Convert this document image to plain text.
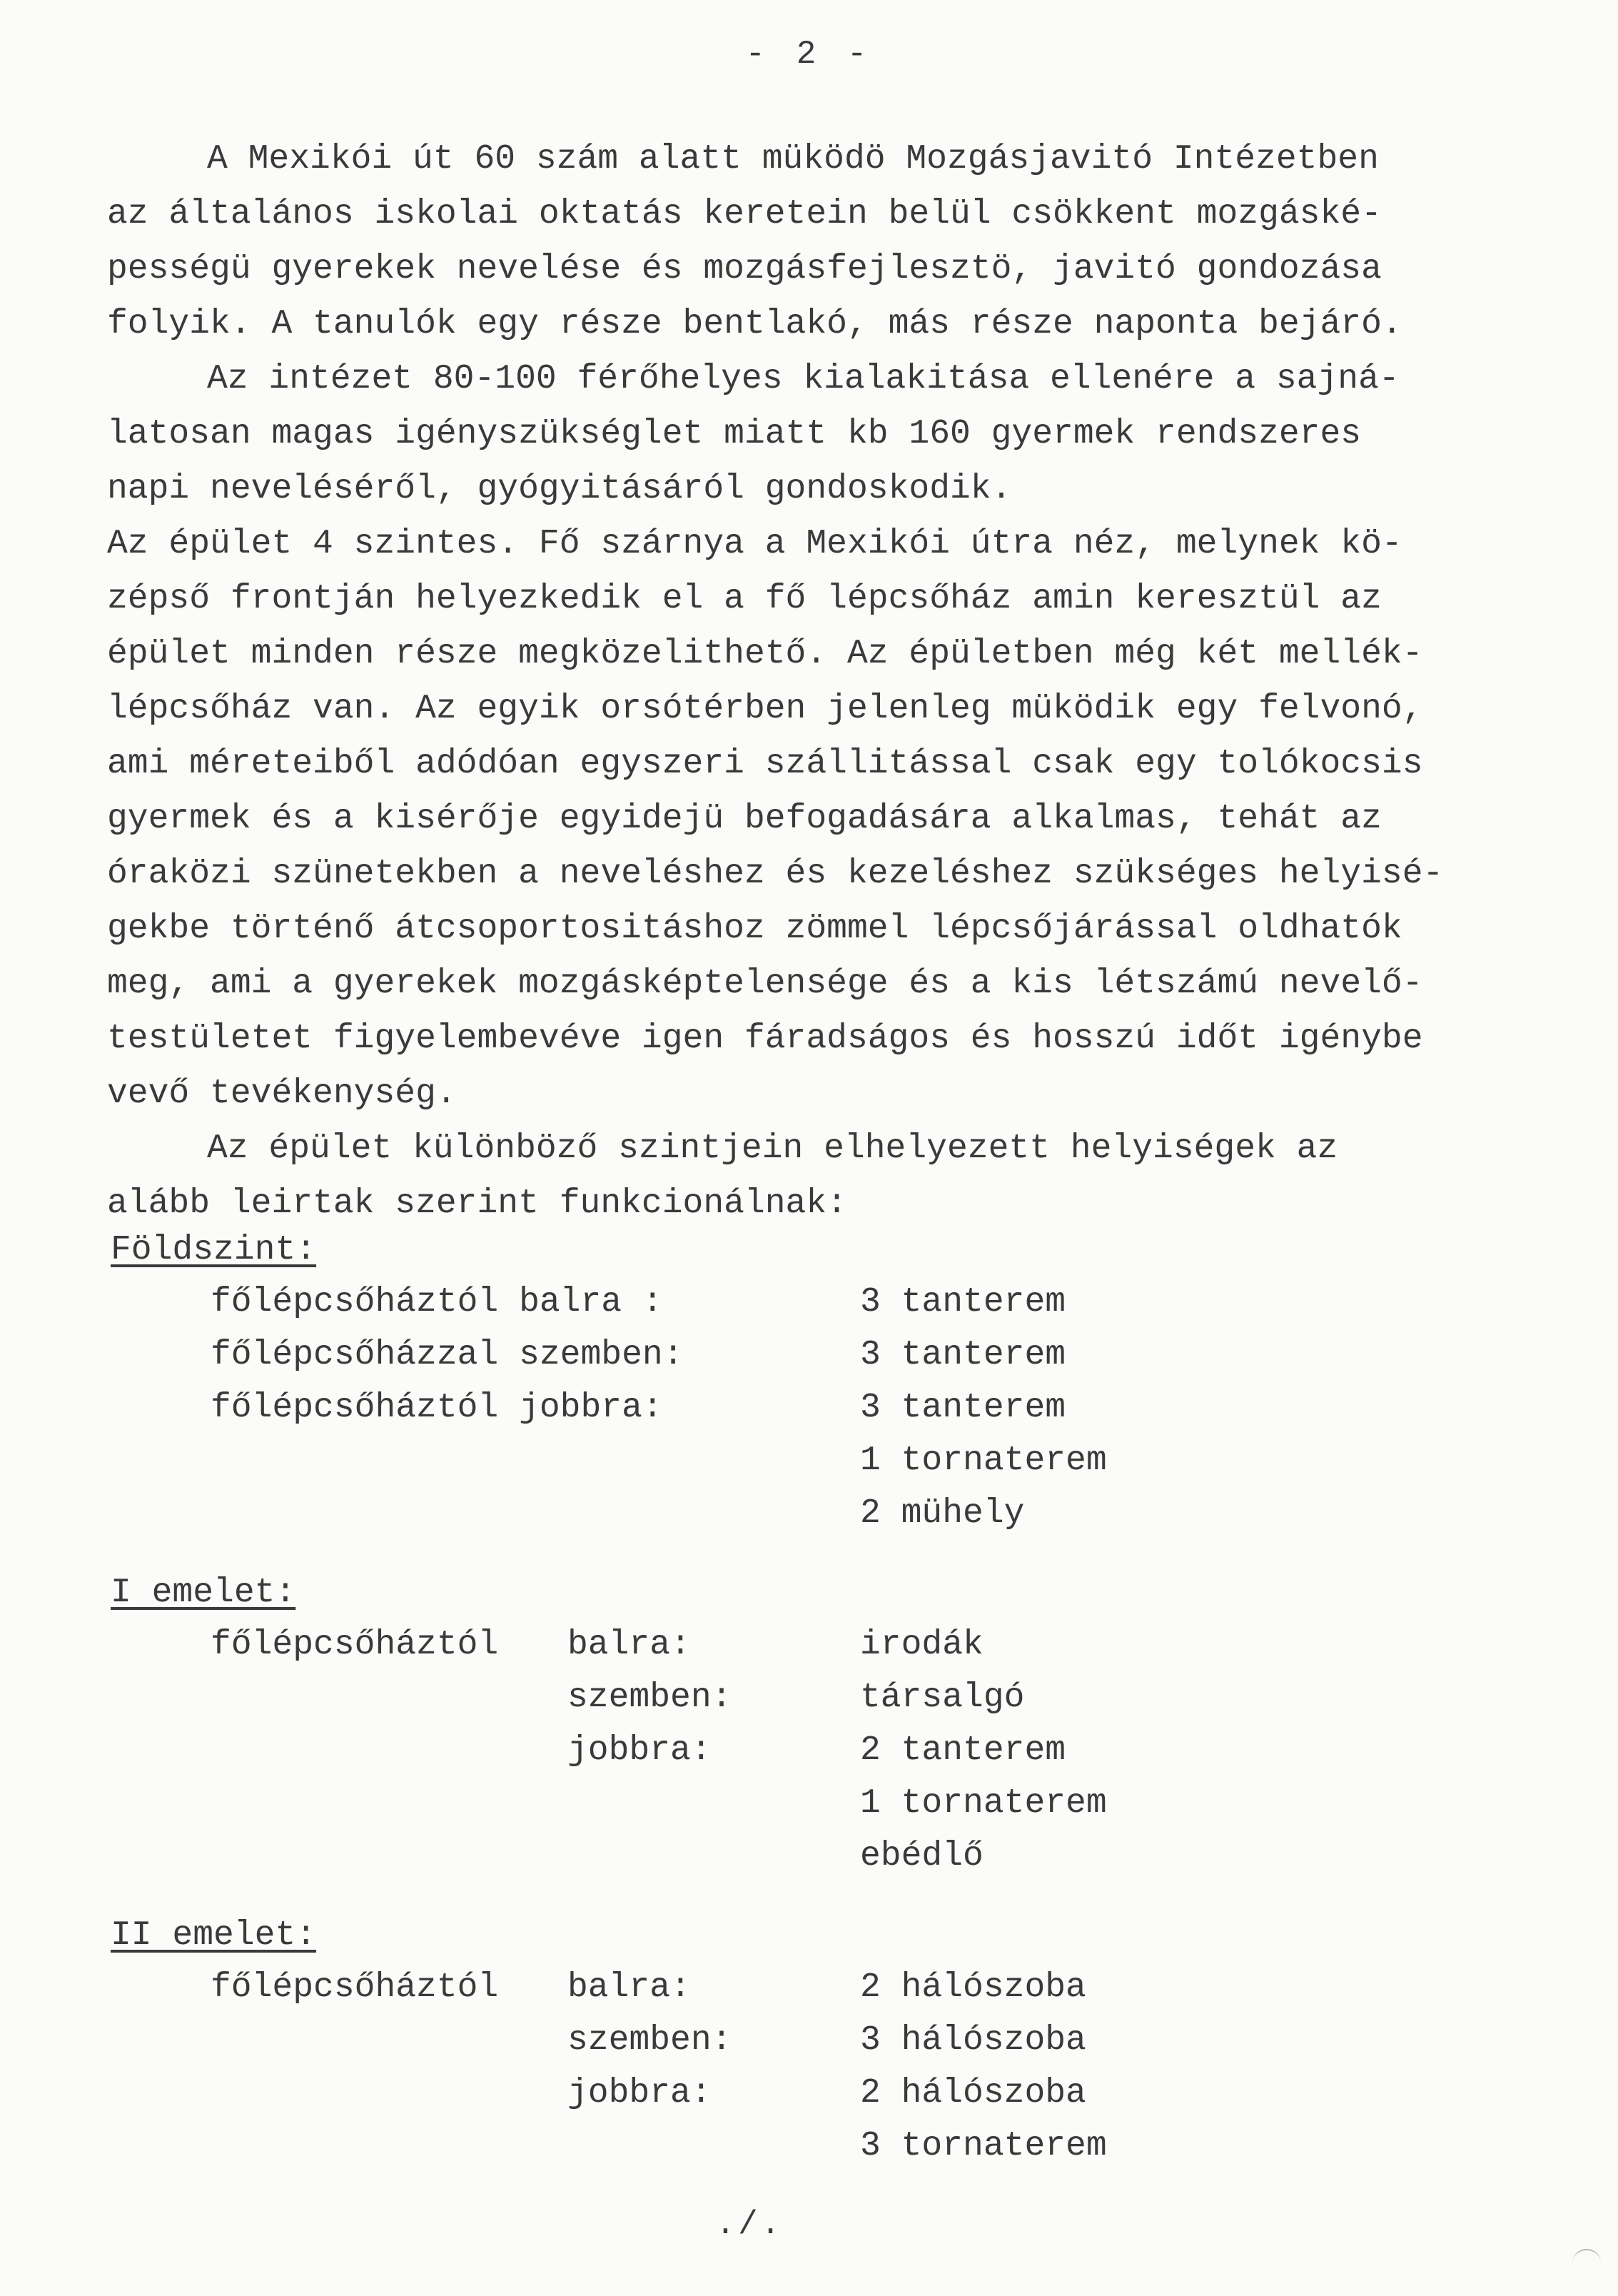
- 2 -

A Mexikói út 60 szám alatt müködö Mozgásjavitó Intézetben
az általános iskolai oktatás keretein belül csökkent mozgáské-
pességü gyerekek nevelése és mozgásfejlesztö, javitó gondozása
folyik. A tanulók egy része bentlakó, más része naponta bejáró.

Az intézet 80-100 férőhelyes kialakitása ellenére a sajná-
latosan magas igényszükséglet miatt kb 160 gyermek rendszeres
napi neveléséről, gyógyitásáról gondoskodik.

Az épület 4 szintes. Fő szárnya a Mexikói útra néz, melynek kö-
zépső frontján helyezkedik el a fő lépcsőház amin keresztül az
épület minden része megközelithető. Az épületben még két mellék-
lépcsőház van. Az egyik orsótérben jelenleg müködik egy felvonó,
ami méreteiből adódóan egyszeri szállitással csak egy tolókocsis
gyermek és a kisérője egyidejü befogadására alkalmas, tehát az
óraközi szünetekben a neveléshez és kezeléshez szükséges helyisé-
gekbe történő átcsoportositáshoz zömmel lépcsőjárással oldhatók
meg, ami a gyerekek mozgásképtelensége és a kis létszámú nevelő-
testületet figyelembevéve igen fáradságos és hosszú időt igénybe
vevő tevékenység.

Az épület különböző szintjein elhelyezett helyiségek az
alább leirtak szerint funkcionálnak:

Földszint:
főlépcsőháztól balra :	3 tanterem
főlépcsőházzal szemben:	3 tanterem
főlépcsőháztól jobbra:	3 tanterem
1 tornaterem
2 mühely
I emelet:
főlépcsőháztól balra:	irodák
szemben:	társalgó
jobbra:	2 tanterem
1 tornaterem
ebédlő
II emelet:
főlépcsőháztól balra:	2 hálószoba
szemben:	3 hálószoba
jobbra:	2 hálószoba
3 tornaterem
./.
